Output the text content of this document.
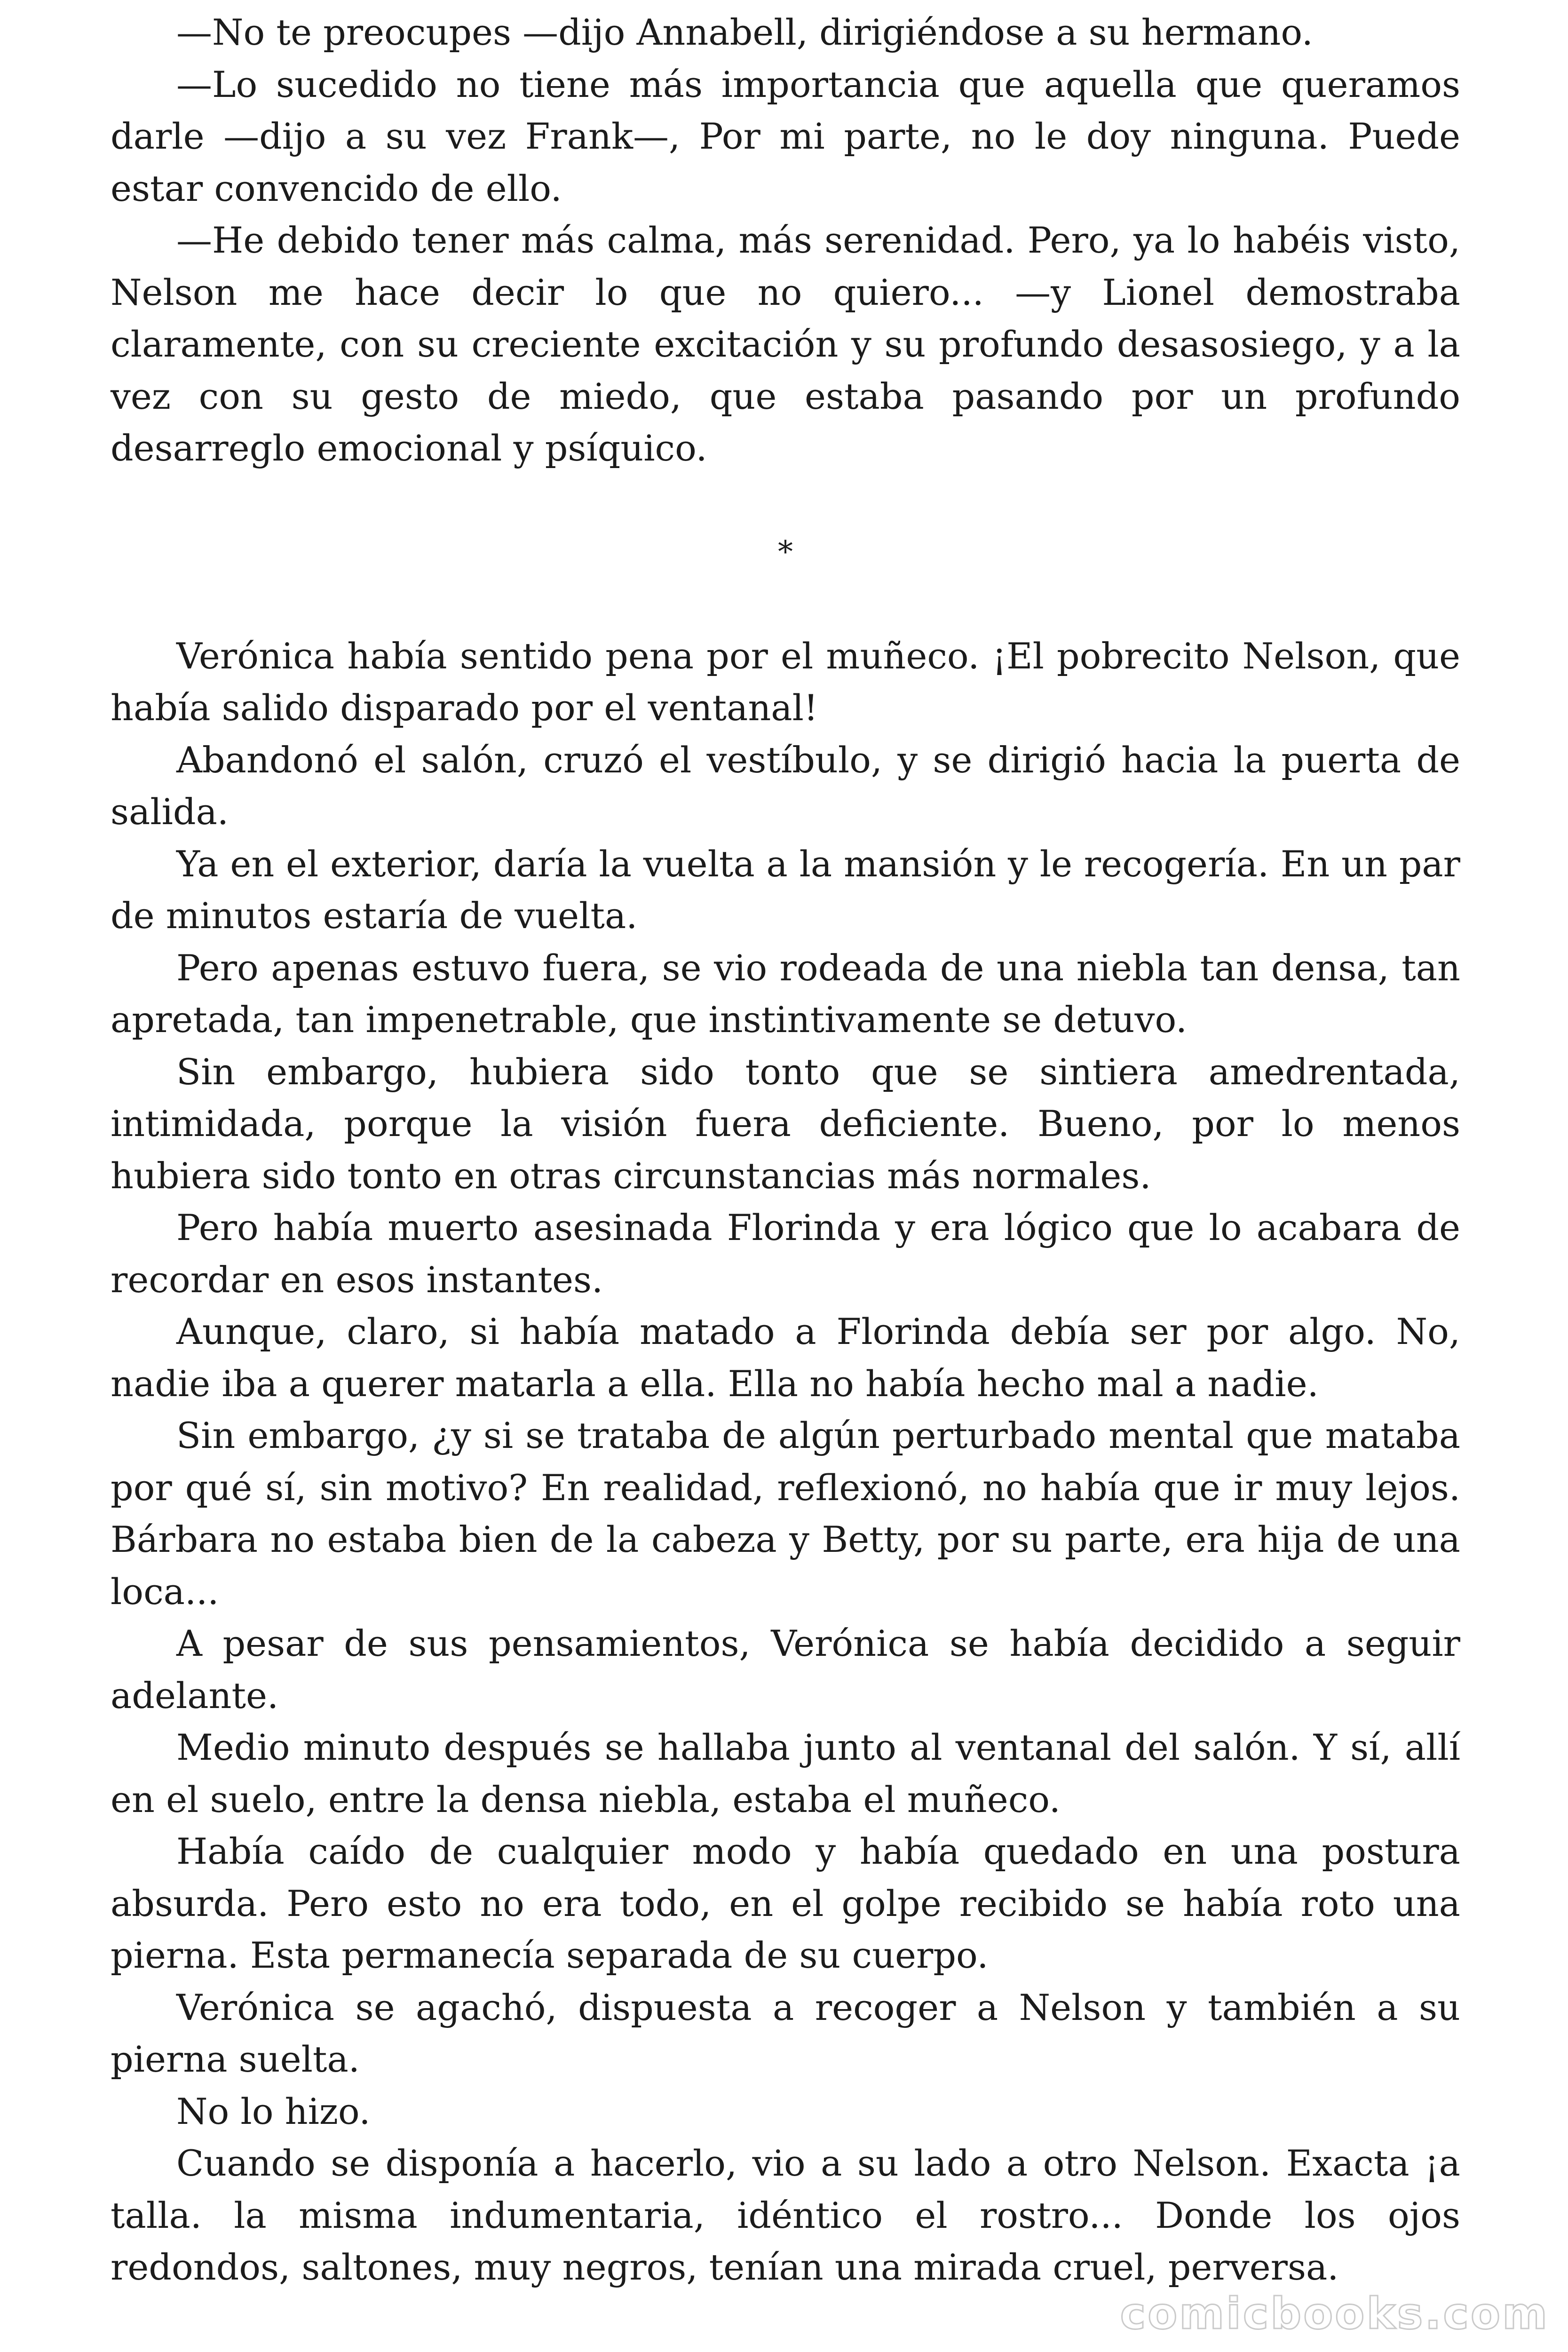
—No te preocupes —dijo Annabell, dirigiéndose a su hermano.

—Lo sucedido no tiene más importancia que aquella que queramos darle —dijo a su vez Frank—, Por mi parte, no le doy ninguna. Puede estar convencido de ello.

—He debido tener más calma, más serenidad. Pero, ya lo habéis visto, Nelson me hace decir lo que no quiero... —y Lionel demostraba claramente, con su creciente excitación y su profundo desasosiego, y a la vez con su gesto de miedo, que estaba pasando por un profundo desarreglo emocional y psíquico.

*

Verónica había sentido pena por el muñeco. ¡El pobrecito Nelson, que había salido disparado por el ventanal!

Abandonó el salón, cruzó el vestíbulo, y se dirigió hacia la puerta de salida.

Ya en el exterior, daría la vuelta a la mansión y le recogería. En un par de minutos estaría de vuelta.

Pero apenas estuvo fuera, se vio rodeada de una niebla tan densa, tan apretada, tan impenetrable, que instintivamente se detuvo.

Sin embargo, hubiera sido tonto que se sintiera amedrentada, intimidada, porque la visión fuera deficiente. Bueno, por lo menos hubiera sido tonto en otras circunstancias más normales.

Pero había muerto asesinada Florinda y era lógico que lo acabara de recordar en esos instantes.

Aunque, claro, si había matado a Florinda debía ser por algo. No, nadie iba a querer matarla a ella. Ella no había hecho mal a nadie.

Sin embargo, ¿y si se trataba de algún perturbado mental que mataba por qué sí, sin motivo? En realidad, reflexionó, no había que ir muy lejos. Bárbara no estaba bien de la cabeza y Betty, por su parte, era hija de una loca...

A pesar de sus pensamientos, Verónica se había decidido a seguir adelante.

Medio minuto después se hallaba junto al ventanal del salón. Y sí, allí en el suelo, entre la densa niebla, estaba el muñeco.

Había caído de cualquier modo y había quedado en una postura absurda. Pero esto no era todo, en el golpe recibido se había roto una pierna. Esta permanecía separada de su cuerpo.

Verónica se agachó, dispuesta a recoger a Nelson y también a su pierna suelta.

No lo hizo.

Cuando se disponía a hacerlo, vio a su lado a otro Nelson. Exacta ¡a talla. la misma indumentaria, idéntico el rostro... Donde los ojos redondos, saltones, muy negros, tenían una mirada cruel, perversa.

comicbooks.com
